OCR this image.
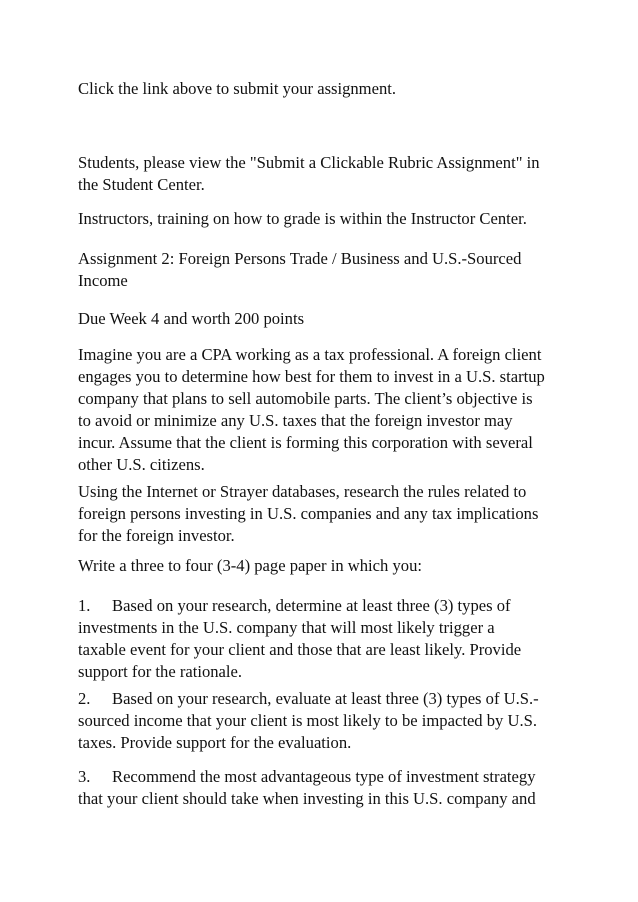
Click the link above to submit your assignment.

Students, please view the "Submit a Clickable Rubric Assignment" in
the Student Center.

Instructors, training on how to grade is within the Instructor Center.

Assignment 2: Foreign Persons Trade / Business and U.S.-Sourced
Income

Due Week 4 and worth 200 points

Imagine you are a CPA working as a tax professional. A foreign client
engages you to determine how best for them to invest in a U.S. startup
company that plans to sell automobile parts. The client’s objective is
to avoid or minimize any U.S. taxes that the foreign investor may
incur. Assume that the client is forming this corporation with several
other U.S. citizens.

Using the Internet or Strayer databases, research the rules related to
foreign persons investing in U.S. companies and any tax implications
for the foreign investor.

Write a three to four (3-4) page paper in which you:

1. Based on your research, determine at least three (3) types of
investments in the U.S. company that will most likely trigger a
taxable event for your client and those that are least likely. Provide
support for the rationale.

2. Based on your research, evaluate at least three (3) types of U.S.-
sourced income that your client is most likely to be impacted by U.S.
taxes. Provide support for the evaluation.

3. Recommend the most advantageous type of investment strategy
that your client should take when investing in this U.S. company and
